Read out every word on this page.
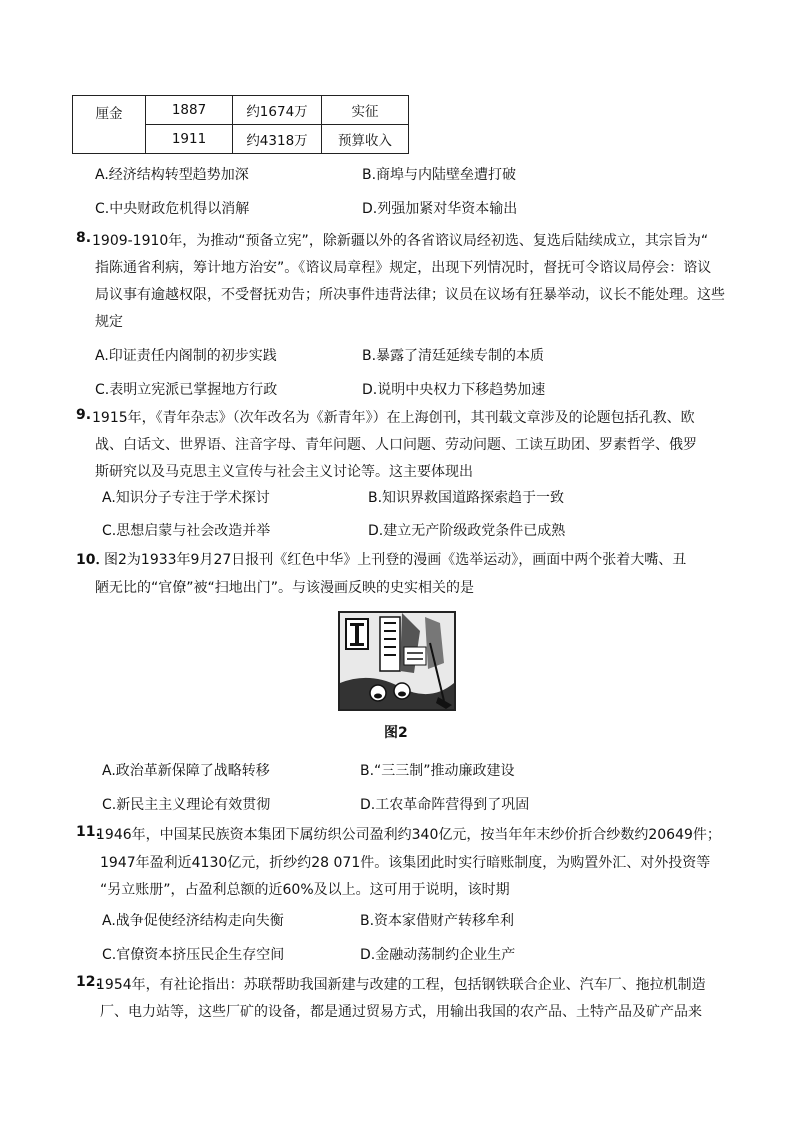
厘金	1887	约1674万	实征
	1911	约4318万	预算收入
A.经济结构转型趋势加深	B.商埠与内陆壁垒遭打破
C.中央财政危机得以消解	D.列强加紧对华资本输出
8. 1909-1910年，为推动“预备立宪”，除新疆以外的各省谘议局经初选、复选后陆续成立，其宗旨为“
指陈通省利病，筹计地方治安”。《谘议局章程》规定，出现下列情况时，督抚可令谘议局停会：谘议
局议事有逾越权限，不受督抚劝告；所决事件违背法律；议员在议场有狂暴举动，议长不能处理。这些
规定
A.印证责任内阁制的初步实践	B.暴露了清廷延续专制的本质
C.表明立宪派已掌握地方行政	D.说明中央权力下移趋势加速
9. 1915年，《青年杂志》（次年改名为《新青年》）在上海创刊，其刊载文章涉及的论题包括孔教、欧
战、白话文、世界语、注音字母、青年问题、人口问题、劳动问题、工读互助团、罗素哲学、俄罗
斯研究以及马克思主义宣传与社会主义讨论等。这主要体现出
A.知识分子专注于学术探讨	B.知识界救国道路探索趋于一致
C.思想启蒙与社会改造并举	D.建立无产阶级政党条件已成熟
10．
图2为1933年9月27日报刊《红色中华》上刊登的漫画《选举运动》，画面中两个张着大嘴、丑
陋无比的“官僚”被“扫地出门”。与该漫画反映的史实相关的是
图2
A.政治革新保障了战略转移	B.“三三制”推动廉政建设
C.新民主主义理论有效贯彻	D.工农革命阵营得到了巩固
11.
1946年，中国某民族资本集团下属纺织公司盈利约340亿元，按当年年末纱价折合纱数约20649件；
1947年盈利近4130亿元，折纱约28 071件。该集团此时实行暗账制度，为购置外汇、对外投资等
“另立账册”，占盈利总额的近60%及以上。这可用于说明，该时期
A.战争促使经济结构走向失衡	B.资本家借财产转移牟利
C.官僚资本挤压民企生存空间	D.金融动荡制约企业生产
12.
1954年，有社论指出：苏联帮助我国新建与改建的工程，包括钢铁联合企业、汽车厂、拖拉机制造
厂、电力站等，这些厂矿的设备，都是通过贸易方式，用输出我国的农产品、土特产品及矿产品来
